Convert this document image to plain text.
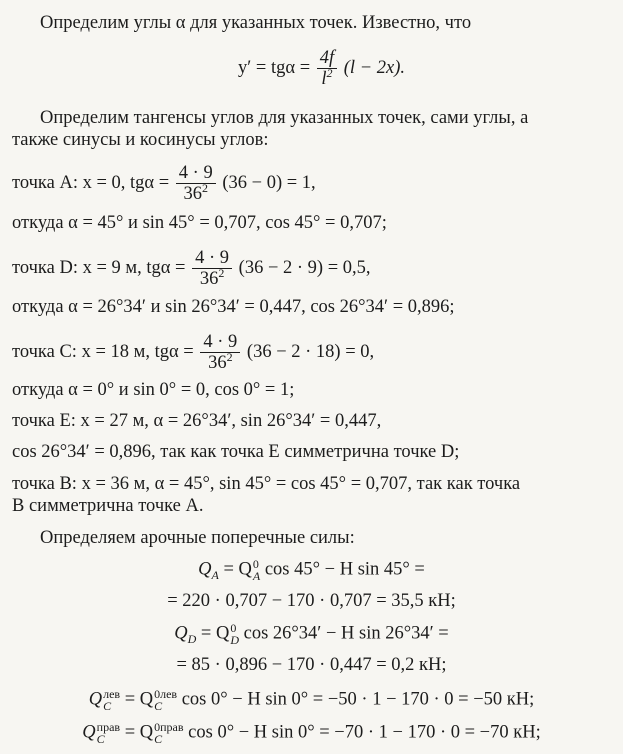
Определим углы α для указанных точек. Известно, что
$y' = tg\alpha = \frac{4f}{l^2} (l - 2x)$.
Определим тангенсы углов для указанных точек, сами углы, а
также синусы и косинусы углов:
точка A: x = 0, $tg\alpha = \frac{4 \cdot 9}{36^2} (36 - 0) = 1$,
откуда α = 45° и sin 45° = 0,707, cos 45° = 0,707;
точка D: x = 9 м, $tg\alpha = \frac{4 \cdot 9}{36^2} (36 - 2 \cdot 9) = 0,5$,
откуда α = 26°34′ и sin 26°34′ = 0,447, cos 26°34′ = 0,896;
точка C: x = 18 м, $tg\alpha = \frac{4 \cdot 9}{36^2} (36 - 2 \cdot 18) = 0$,
откуда α = 0° и sin 0° = 0, cos 0° = 1;
точка E: x = 27 м, α = 26°34′, sin 26°34′ = 0,447,
cos 26°34′ = 0,896, так как точка E симметрична точке D;
точка B: x = 36 м, α = 45°, sin 45° = cos 45° = 0,707, так как точка
B симметрична точке A.
Определяем арочные поперечные силы:
$Q_A = Q$ 0
A cos 45° − H sin 45° =
= 220 · 0,707 − 170 · 0,707 = 35,5 кН;
$Q_D = Q$ 0
D cos 26°34′ − H sin 26°34′ =
= 85 · 0,896 − 170 · 0,447 = 0,2 кН;
Q лев
C = Q 0лев
C	cos 0° − H sin 0° = −50 · 1 − 170 · 0 = −50 кН;
Q прав
C	= Q 0прав
C	cos 0° − H sin 0° = −70 · 1 − 170 · 0 = −70 кН;
